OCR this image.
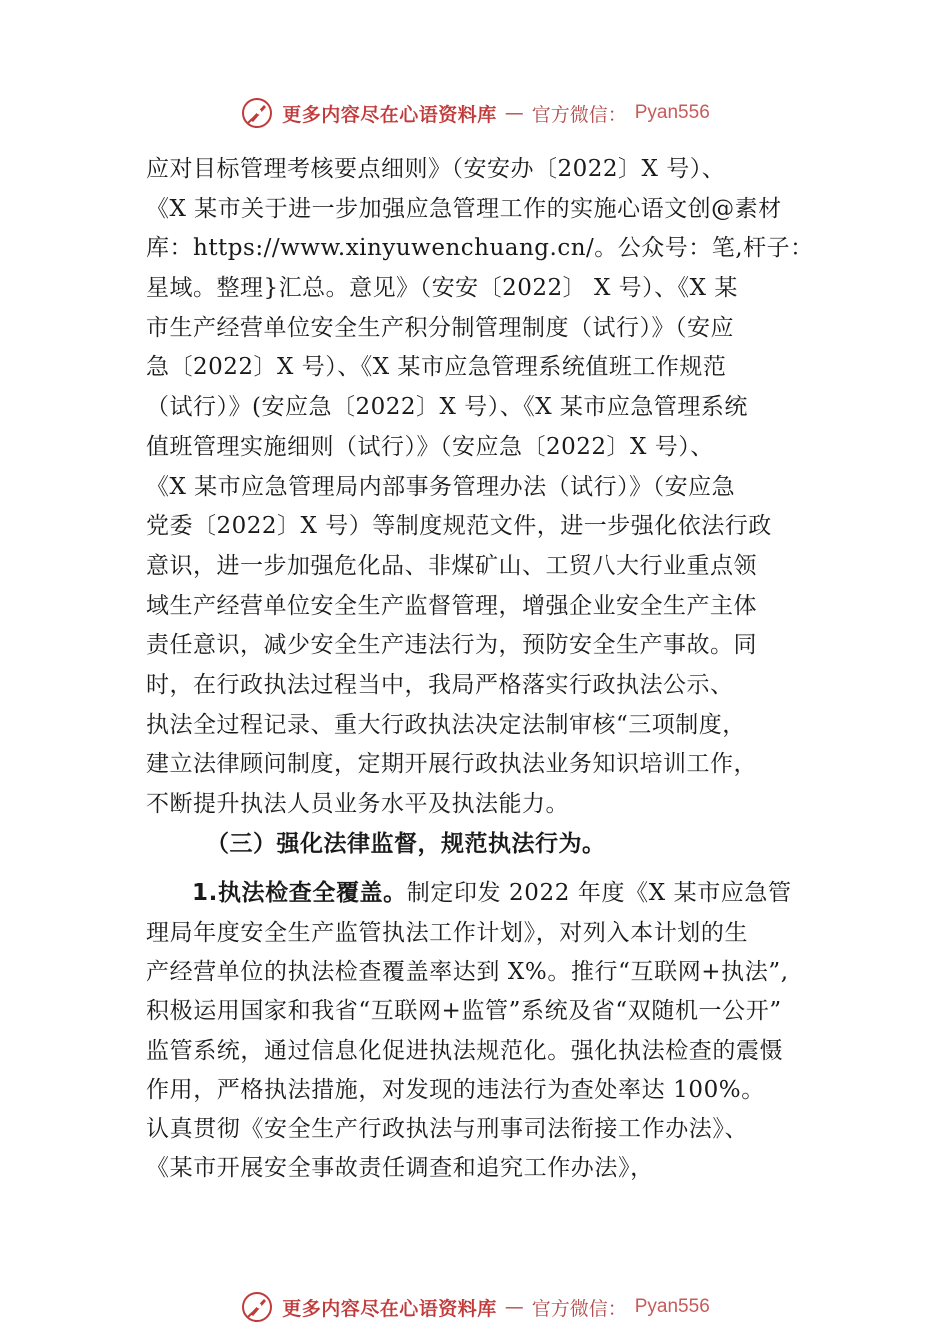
更多内容尽在心语资料库 — 官方微信： Pyan556
应对目标管理考核要点细则》（安安办〔2022〕X 号）、
《X 某市关于进一步加强应急管理工作的实施心语文创@素材
库：https://www.xinyuwenchuang.cn/。公众号：笔,杆子：
星域。整理}汇总。意见》（安安〔2022〕 X 号）、《X 某
市生产经营单位安全生产积分制管理制度（试行）》（安应
急〔2022〕X 号）、《X 某市应急管理系统值班工作规范
（试行）》(安应急〔2022〕X 号）、《X 某市应急管理系统
值班管理实施细则（试行）》（安应急〔2022〕X 号）、
《X 某市应急管理局内部事务管理办法（试行）》（安应急
党委〔2022〕X 号）等制度规范文件，进一步强化依法行政
意识，进一步加强危化品、非煤矿山、工贸八大行业重点领
域生产经营单位安全生产监督管理，增强企业安全生产主体
责任意识，减少安全生产违法行为，预防安全生产事故。同
时，在行政执法过程当中，我局严格落实行政执法公示、
执法全过程记录、重大行政执法决定法制审核“三项制度，
建立法律顾问制度，定期开展行政执法业务知识培训工作，
不断提升执法人员业务水平及执法能力。
（三）强化法律监督，规范执法行为。
1.执法检查全覆盖。制定印发 2022 年度《X 某市应急管
理局年度安全生产监管执法工作计划》，对列入本计划的生
产经营单位的执法检查覆盖率达到 X%。推行“互联网+执法”,
积极运用国家和我省“互联网+监管”系统及省“双随机一公开”
监管系统，通过信息化促进执法规范化。强化执法检查的震慑
作用，严格执法措施，对发现的违法行为查处率达 100%。
认真贯彻《安全生产行政执法与刑事司法衔接工作办法》、
《某市开展安全事故责任调查和追究工作办法》，
更多内容尽在心语资料库 — 官方微信： Pyan556
